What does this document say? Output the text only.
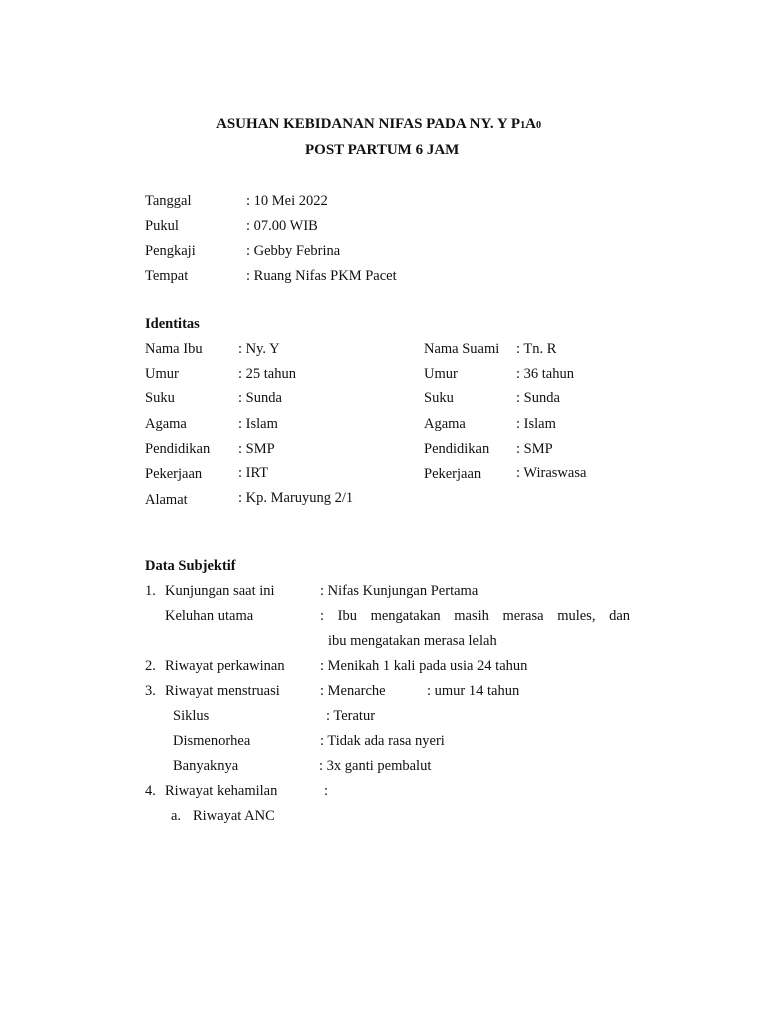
ASUHAN KEBIDANAN NIFAS PADA NY. Y P1A0
POST PARTUM 6 JAM
Tanggal	: 10 Mei 2022
Pukul	: 07.00 WIB
Pengkaji	: Gebby Febrina
Tempat	: Ruang Nifas PKM Pacet
Identitas
Nama Ibu : Ny. Y
Umur	: 25 tahun
Suku	: Sunda
Agama	: Islam
Pendidikan : SMP
Pekerjaan : IRT
Alamat	: Kp. Maruyung 2/1
Nama Suami : Tn. R
Umur	: 36 tahun
Suku	: Sunda
Agama	: Islam
Pendidikan : SMP
Pekerjaan : Wiraswasa
Data Subjektif
1. Kunjungan saat ini	: Nifas Kunjungan Pertama
Keluhan utama	: Ibu mengatakan masih merasa mules, dan
ibu mengatakan merasa lelah
2. Riwayat perkawinan : Menikah 1 kali pada usia 24 tahun
3. Riwayat menstruasi	: Menarche	: umur 14 tahun
Siklus	: Teratur
Dismenorhea	: Tidak ada rasa nyeri
Banyaknya	: 3x ganti pembalut
4. Riwayat kehamilan	:
a. Riwayat ANC
